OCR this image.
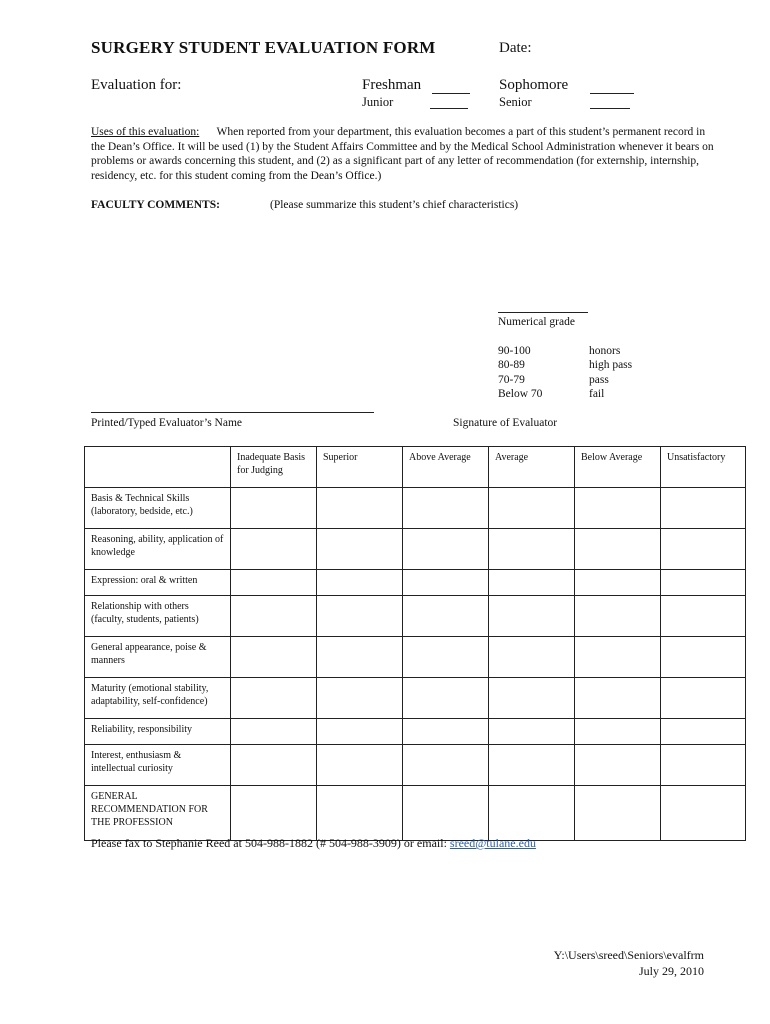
SURGERY STUDENT EVALUATION FORM	Date:
Evaluation for:	Freshman	Sophomore
Junior	Senior
Uses of this evaluation: When reported from your department, this evaluation becomes a part of this student’s permanent record in the Dean’s Office. It will be used (1) by the Student Affairs Committee and by the Medical School Administration whenever it bears on problems or awards concerning this student, and (2) as a significant part of any letter of recommendation (for externship, internship, residency, etc. for this student coming from the Dean’s Office.)
FACULTY COMMENTS:	(Please summarize this student’s chief characteristics)
Numerical grade
90-100	honors
80-89	high pass
70-79	pass
Below 70	fail
Printed/Typed Evaluator’s Name	Signature of Evaluator
	Inadequate Basis for Judging	Superior	Above Average	Average	Below Average	Unsatisfactory
Basis & Technical Skills (laboratory, bedside, etc.)						
Reasoning, ability, application of knowledge						
Expression: oral & written						
Relationship with others (faculty, students, patients)						
General appearance, poise & manners						
Maturity (emotional stability, adaptability, self-confidence)						
Reliability, responsibility						
Interest, enthusiasm & intellectual curiosity						
GENERAL RECOMMENDATION FOR THE PROFESSION						
Please fax to Stephanie Reed at 504-988-1882 (# 504-988-3909) or email: sreed@tulane.edu
Y:\Users\sreed\Seniors\evalfrm
July 29, 2010
